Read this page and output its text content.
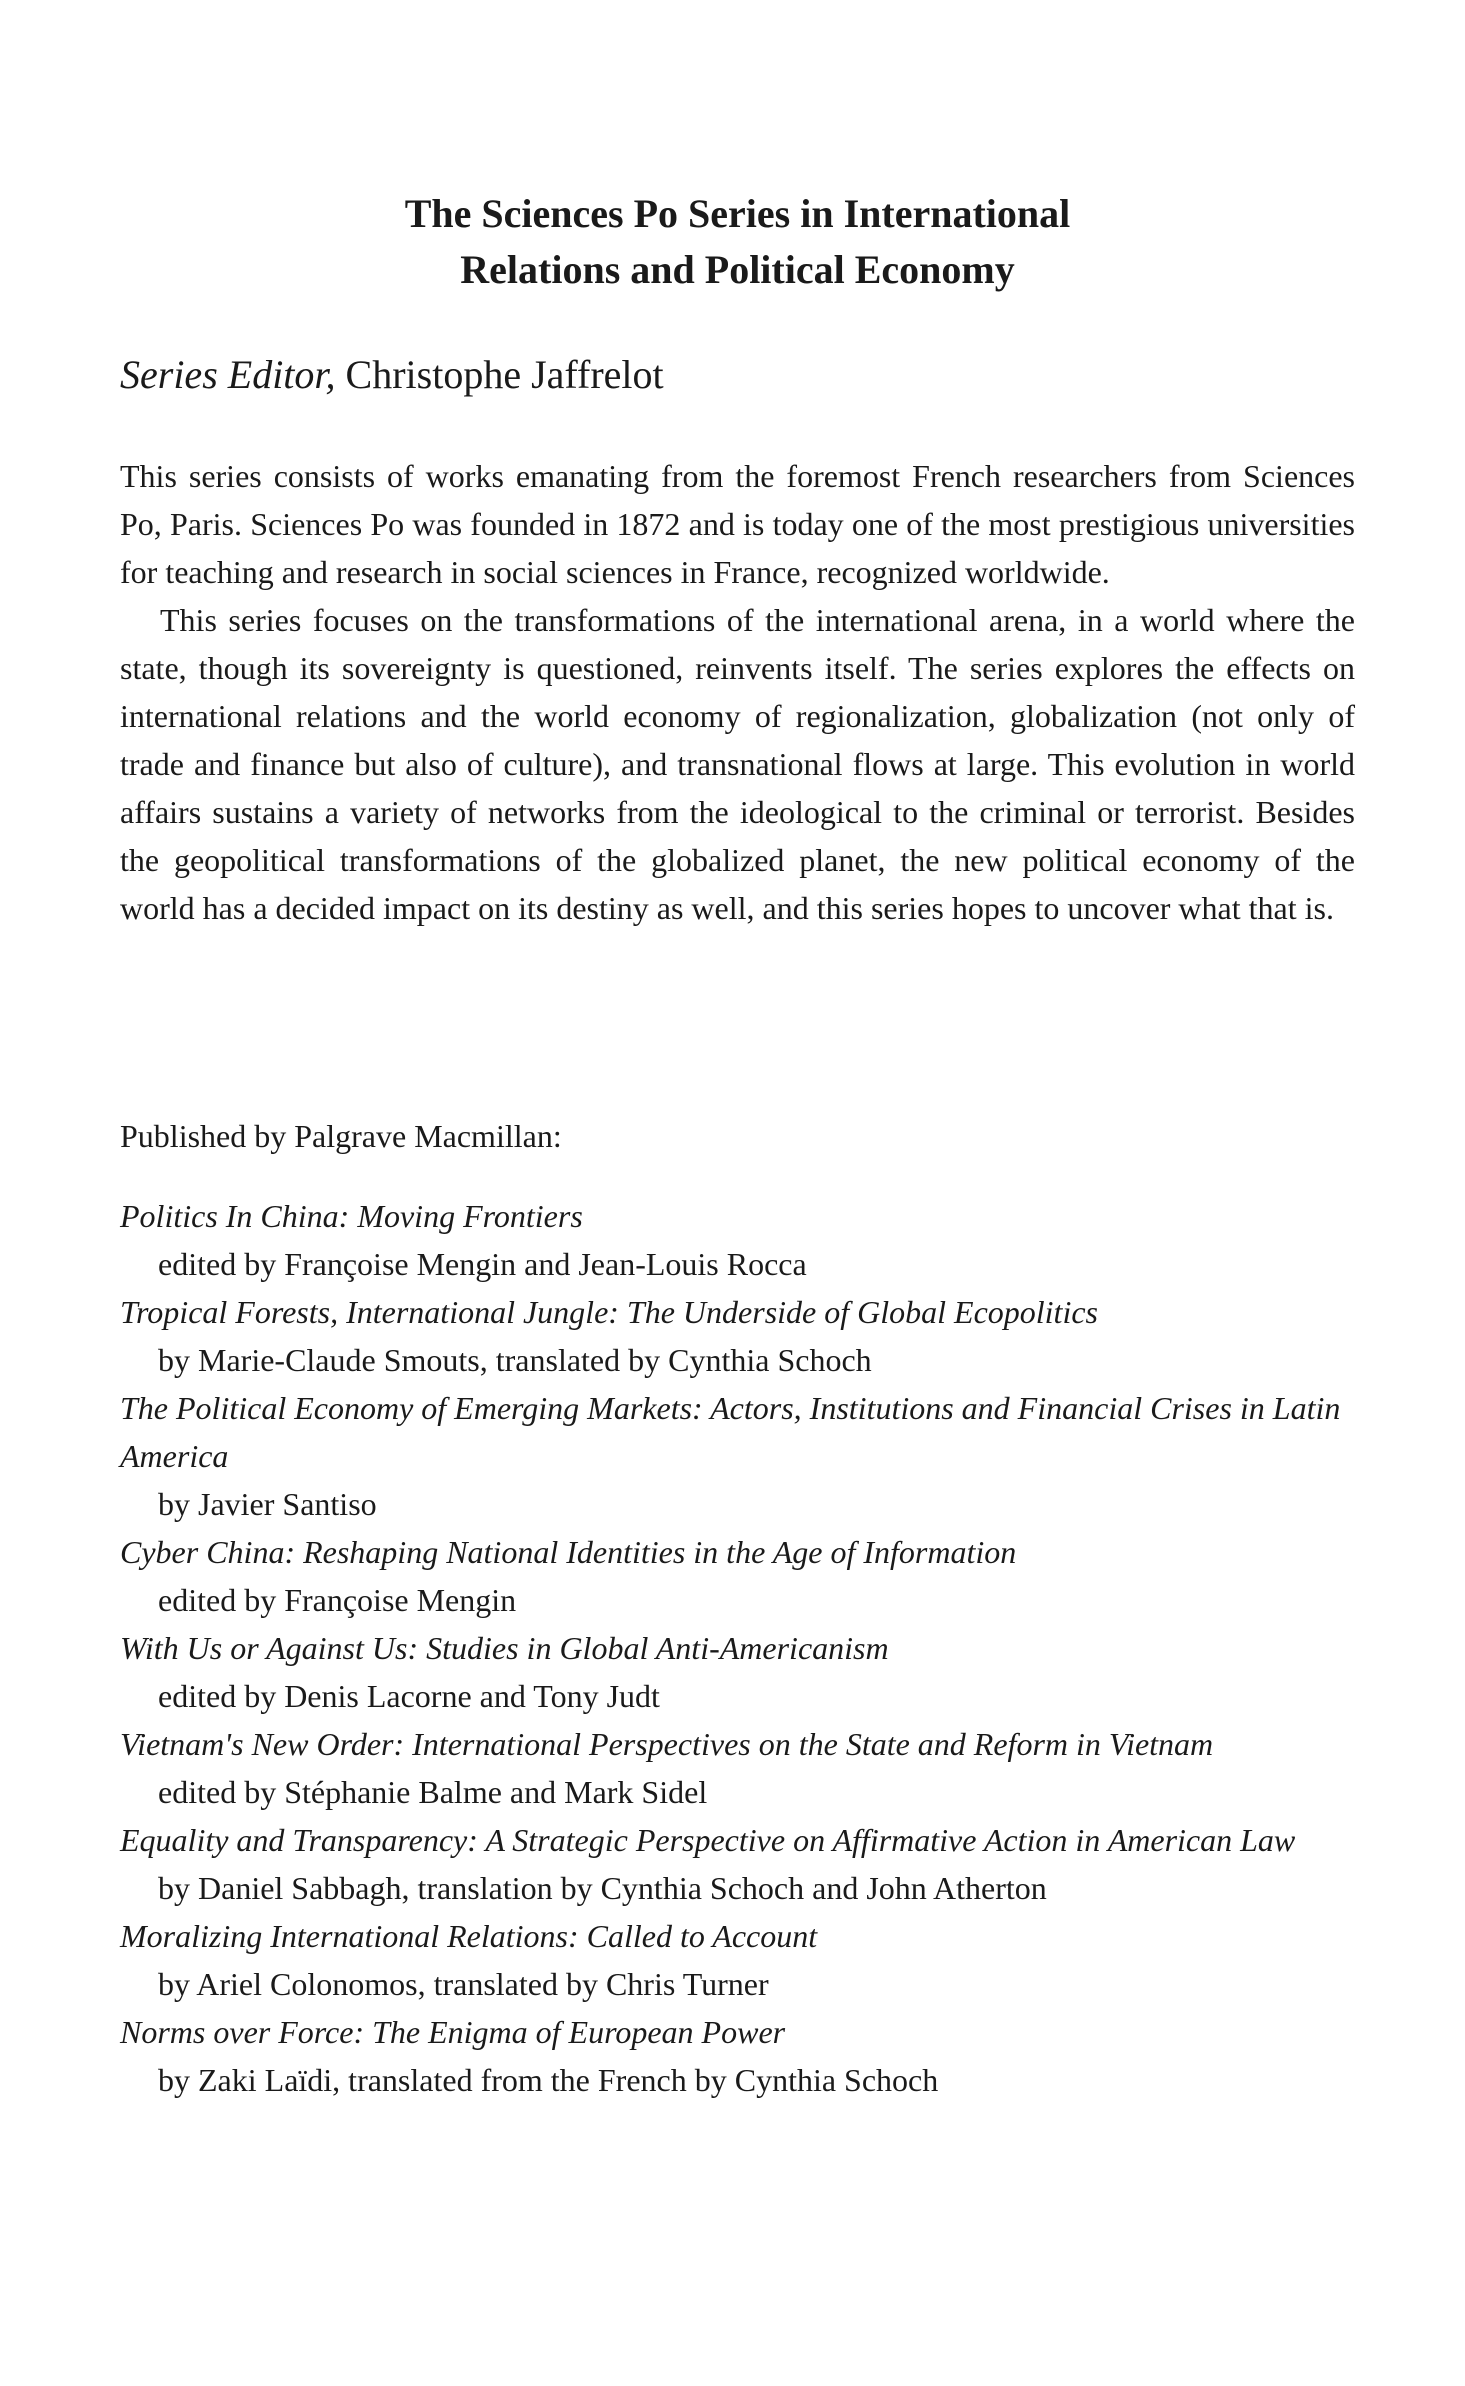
The Sciences Po Series in International
Relations and Political Economy

Series Editor, Christophe Jaffrelot

This series consists of works emanating from the foremost French researchers from Sciences Po, Paris. Sciences Po was founded in 1872 and is today one of the most prestigious universities for teaching and research in social sciences in France, recognized worldwide.

This series focuses on the transformations of the international arena, in a world where the state, though its sovereignty is questioned, reinvents itself. The series explores the effects on international relations and the world economy of regionalization, globalization (not only of trade and finance but also of culture), and transnational flows at large. This evolution in world affairs sustains a variety of networks from the ideological to the criminal or terrorist. Besides the geopolitical transformations of the globalized planet, the new political economy of the world has a decided impact on its destiny as well, and this series hopes to uncover what that is.

Published by Palgrave Macmillan:

Politics In China: Moving Frontiers
edited by Françoise Mengin and Jean-Louis Rocca
Tropical Forests, International Jungle: The Underside of Global Ecopolitics
by Marie-Claude Smouts, translated by Cynthia Schoch
The Political Economy of Emerging Markets: Actors, Institutions and Financial Crises in Latin America
by Javier Santiso
Cyber China: Reshaping National Identities in the Age of Information
edited by Françoise Mengin
With Us or Against Us: Studies in Global Anti-Americanism
edited by Denis Lacorne and Tony Judt
Vietnam's New Order: International Perspectives on the State and Reform in Vietnam
edited by Stéphanie Balme and Mark Sidel
Equality and Transparency: A Strategic Perspective on Affirmative Action in American Law
by Daniel Sabbagh, translation by Cynthia Schoch and John Atherton
Moralizing International Relations: Called to Account
by Ariel Colonomos, translated by Chris Turner
Norms over Force: The Enigma of European Power
by Zaki Laïdi, translated from the French by Cynthia Schoch
